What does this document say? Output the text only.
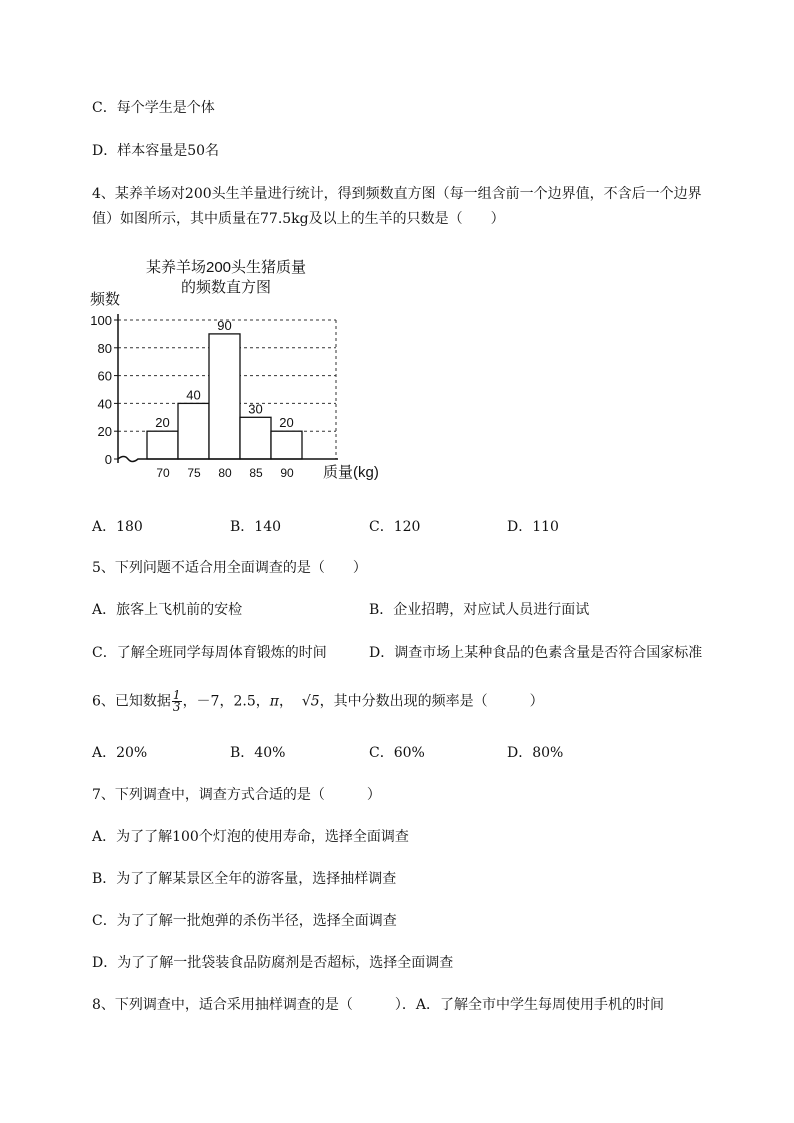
C．每个学生是个体
D．样本容量是50名
4、某养羊场对200头生羊量进行统计，得到频数直方图（每一组含前一个边界值，不含后一个边界
值）如图所示，其中质量在77.5kg及以上的生羊的只数是（　　）
某养羊场200头生猪质量
的频数直方图
频数
20
40
90
30
20
0
20
40
60
80
100
70 75 80 85 90 质量(kg)
A．180	B．140	C．120	D．110
5、下列问题不适合用全面调查的是（　　）
A．旅客上飞机前的安检	B．企业招聘，对应试人员进行面试
C．了解全班同学每周体育锻炼的时间	D．调查市场上某种食品的色素含量是否符合国家标准
6、已知数据 $\frac{1}{3}$ ，－7，2.5，π， √5，其中分数出现的频率是（　　　）
A．20%	B．40%	C．60%	D．80%
7、下列调查中，调查方式合适的是（　　　）
A．为了了解100个灯泡的使用寿命，选择全面调查
B．为了了解某景区全年的游客量，选择抽样调查
C．为了了解一批炮弹的杀伤半径，选择全面调查
D．为了了解一批袋装食品防腐剂是否超标，选择全面调查
8、下列调查中，适合采用抽样调查的是（　　　）．A．了解全市中学生每周使用手机的时间
